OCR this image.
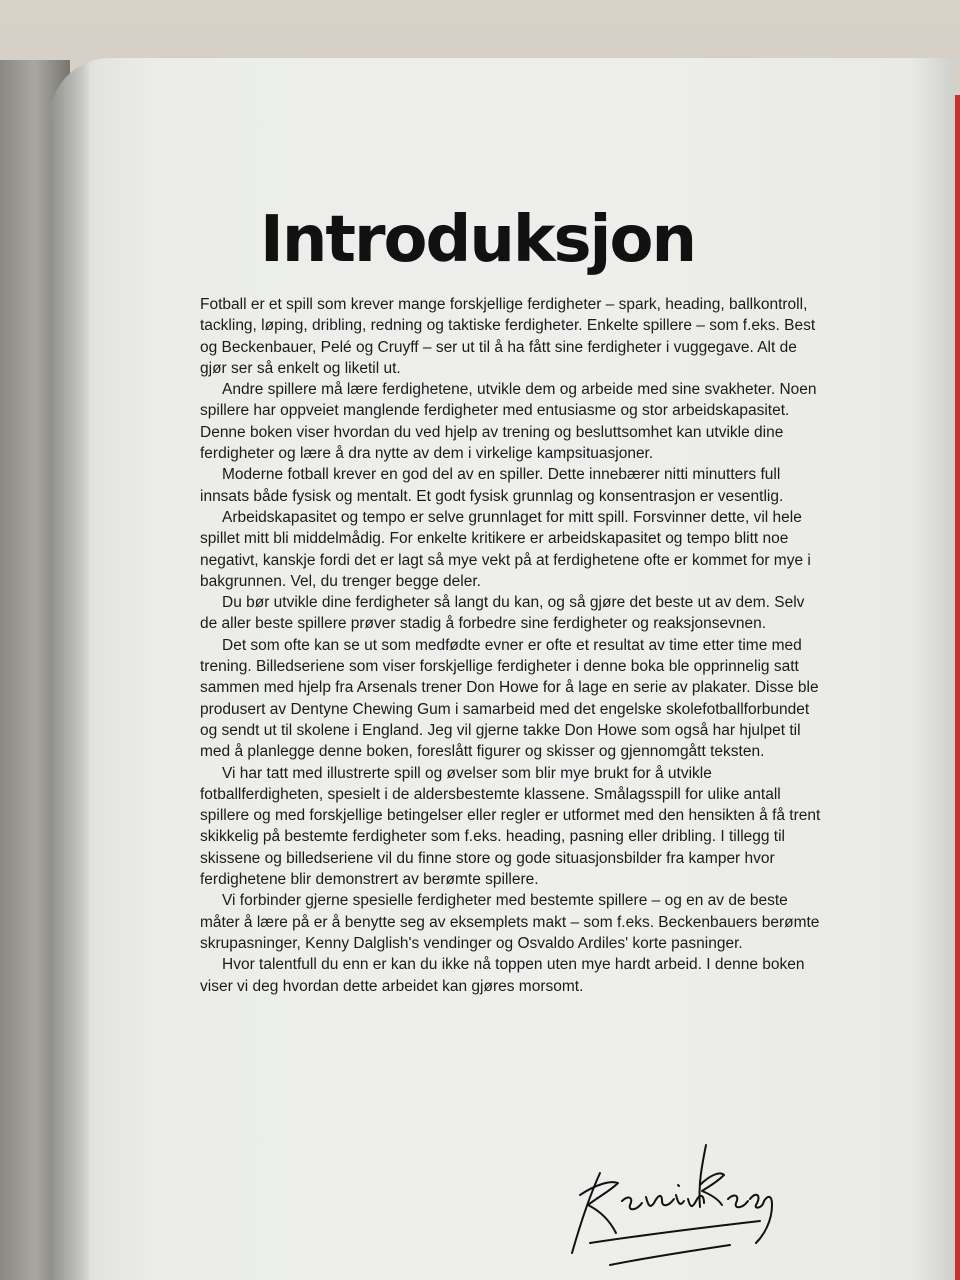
Introduksjon

Fotball er et spill som krever mange forskjellige ferdigheter – spark, heading, ballkontroll, tackling, løping, dribling, redning og taktiske ferdigheter. Enkelte spillere – som f.eks. Best og Beckenbauer, Pelé og Cruyff – ser ut til å ha fått sine ferdigheter i vuggegave. Alt de gjør ser så enkelt og liketil ut.

Andre spillere må lære ferdighetene, utvikle dem og arbeide med sine svakheter. Noen spillere har oppveiet manglende ferdigheter med entusiasme og stor arbeidskapasitet. Denne boken viser hvordan du ved hjelp av trening og besluttsomhet kan utvikle dine ferdigheter og lære å dra nytte av dem i virkelige kampsituasjoner.

Moderne fotball krever en god del av en spiller. Dette innebærer nitti minutters full innsats både fysisk og mentalt. Et godt fysisk grunnlag og konsentrasjon er vesentlig.

Arbeidskapasitet og tempo er selve grunnlaget for mitt spill. Forsvinner dette, vil hele spillet mitt bli middelmådig. For enkelte kritikere er arbeidskapasitet og tempo blitt noe negativt, kanskje fordi det er lagt så mye vekt på at ferdighetene ofte er kommet for mye i bakgrunnen. Vel, du trenger begge deler.

Du bør utvikle dine ferdigheter så langt du kan, og så gjøre det beste ut av dem. Selv de aller beste spillere prøver stadig å forbedre sine ferdigheter og reaksjonsevnen.

Det som ofte kan se ut som medfødte evner er ofte et resultat av time etter time med trening. Billedseriene som viser forskjellige ferdigheter i denne boka ble opprinnelig satt sammen med hjelp fra Arsenals trener Don Howe for å lage en serie av plakater. Disse ble produsert av Dentyne Chewing Gum i samarbeid med det engelske skolefotballforbundet og sendt ut til skolene i England. Jeg vil gjerne takke Don Howe som også har hjulpet til med å planlegge denne boken, foreslått figurer og skisser og gjennomgått teksten.

Vi har tatt med illustrerte spill og øvelser som blir mye brukt for å utvikle fotballferdigheten, spesielt i de aldersbestemte klassene. Smålagsspill for ulike antall spillere og med forskjellige betingelser eller regler er utformet med den hensikten å få trent skikkelig på bestemte ferdigheter som f.eks. heading, pasning eller dribling. I tillegg til skissene og billedseriene vil du finne store og gode situasjonsbilder fra kamper hvor ferdighetene blir demonstrert av berømte spillere.

Vi forbinder gjerne spesielle ferdigheter med bestemte spillere – og en av de beste måter å lære på er å benytte seg av eksemplets makt – som f.eks. Beckenbauers berømte skrupasninger, Kenny Dalglish's vendinger og Osvaldo Ardiles' korte pasninger.

Hvor talentfull du enn er kan du ikke nå toppen uten mye hardt arbeid. I denne boken viser vi deg hvordan dette arbeidet kan gjøres morsomt.
